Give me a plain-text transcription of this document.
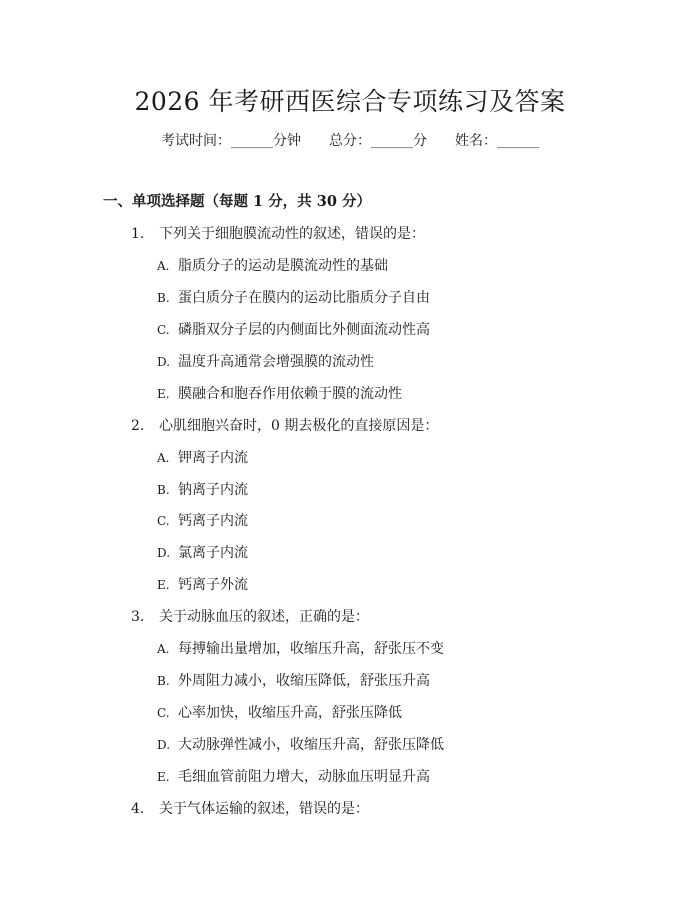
2026 年考研西医综合专项练习及答案
考试时间：______分钟 总分：______分 姓名：______
一、单项选择题（每题 1 分，共 30 分）
1. 下列关于细胞膜流动性的叙述，错误的是：
A. 脂质分子的运动是膜流动性的基础
B. 蛋白质分子在膜内的运动比脂质分子自由
C. 磷脂双分子层的内侧面比外侧面流动性高
D. 温度升高通常会增强膜的流动性
E. 膜融合和胞吞作用依赖于膜的流动性
2. 心肌细胞兴奋时，0 期去极化的直接原因是：
A. 钾离子内流
B. 钠离子内流
C. 钙离子内流
D. 氯离子内流
E. 钙离子外流
3. 关于动脉血压的叙述，正确的是：
A. 每搏输出量增加，收缩压升高，舒张压不变
B. 外周阻力减小，收缩压降低，舒张压升高
C. 心率加快，收缩压升高，舒张压降低
D. 大动脉弹性减小，收缩压升高，舒张压降低
E. 毛细血管前阻力增大，动脉血压明显升高
4. 关于气体运输的叙述，错误的是：
